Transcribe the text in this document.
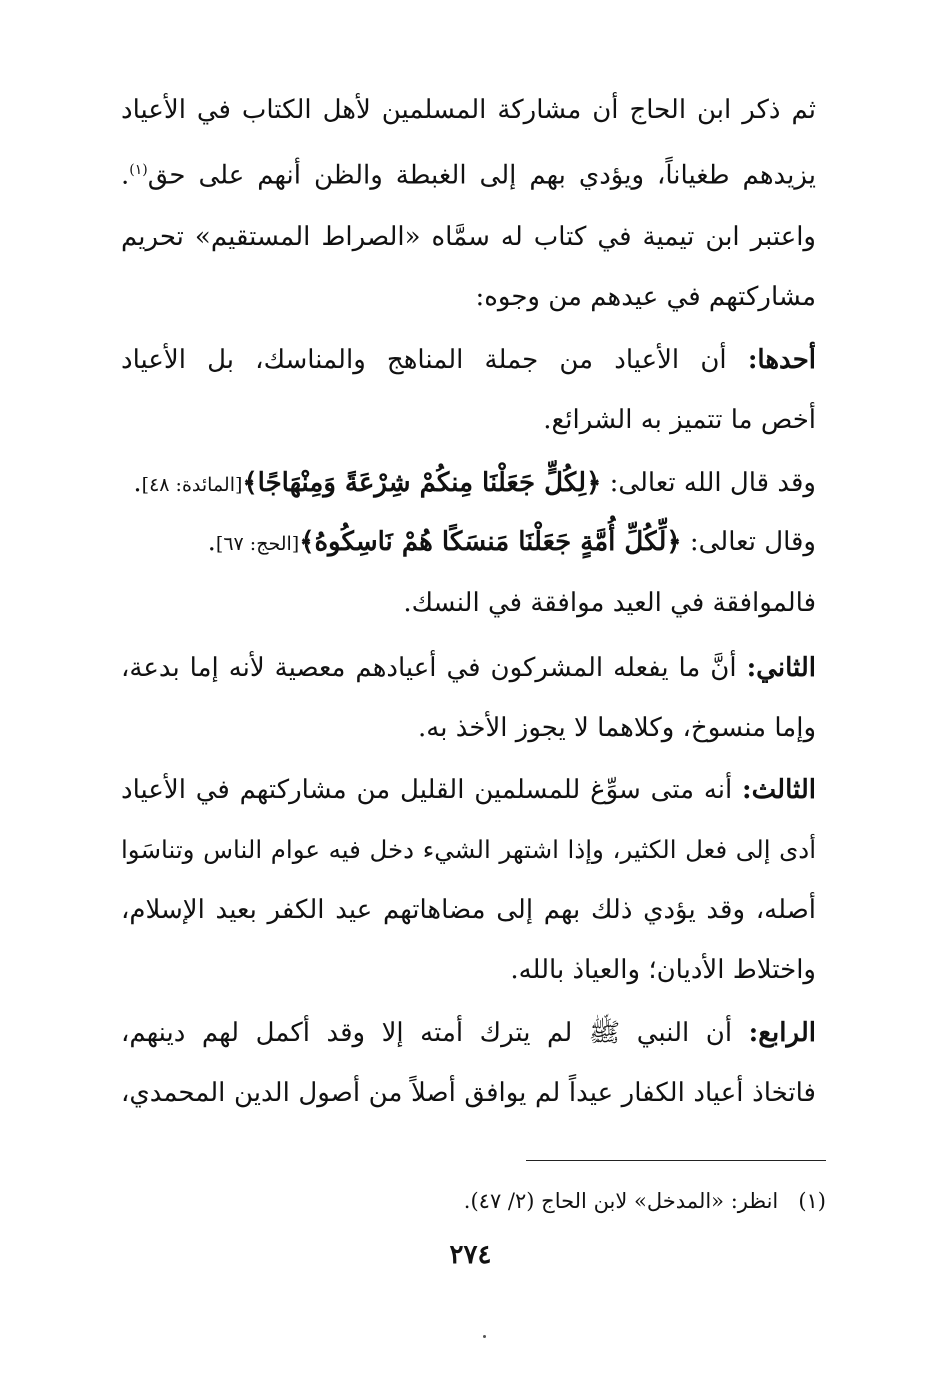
ثم ذكر ابن الحاج أن مشاركة المسلمين لأهل الكتاب في الأعياد
يزيدهم طغياناً، ويؤدي بهم إلى الغبطة والظن أنهم على حق$^{(١)}$.
واعتبر ابن تيمية في كتاب له سمَّاه «الصراط المستقيم» تحريم
مشاركتهم في عيدهم من وجوه:
أحدها: أن الأعياد من جملة المناهج والمناسك، بل الأعياد
أخص ما تتميز به الشرائع.
وقد قال الله تعالى: ﴿لِكُلٍّ جَعَلْنَا مِنكُمْ شِرْعَةً وَمِنْهَاجًا﴾[المائدة: ٤٨].
وقال تعالى: ﴿لِّكُلِّ أُمَّةٍ جَعَلْنَا مَنسَكًا هُمْ نَاسِكُوهُ﴾[الحج: ٦٧].
فالموافقة في العيد موافقة في النسك.
الثاني: أنَّ ما يفعله المشركون في أعيادهم معصية لأنه إما بدعة،
وإما منسوخ، وكلاهما لا يجوز الأخذ به.
الثالث: أنه متى سوِّغ للمسلمين القليل من مشاركتهم في الأعياد
أدى إلى فعل الكثير، وإذا اشتهر الشيء دخل فيه عوام الناس وتناسَوا
أصله، وقد يؤدي ذلك بهم إلى مضاهاتهم عيد الكفر بعيد الإسلام،
واختلاط الأديان؛ والعياذ بالله.
الرابع: أن النبي ﷺ لم يترك أمته إلا وقد أكمل لهم دينهم،
فاتخاذ أعياد الكفار عيداً لم يوافق أصلاً من أصول الدين المحمدي،
(١)   انظر: «المدخل» لابن الحاج (٢/ ٤٧).
٢٧٤
